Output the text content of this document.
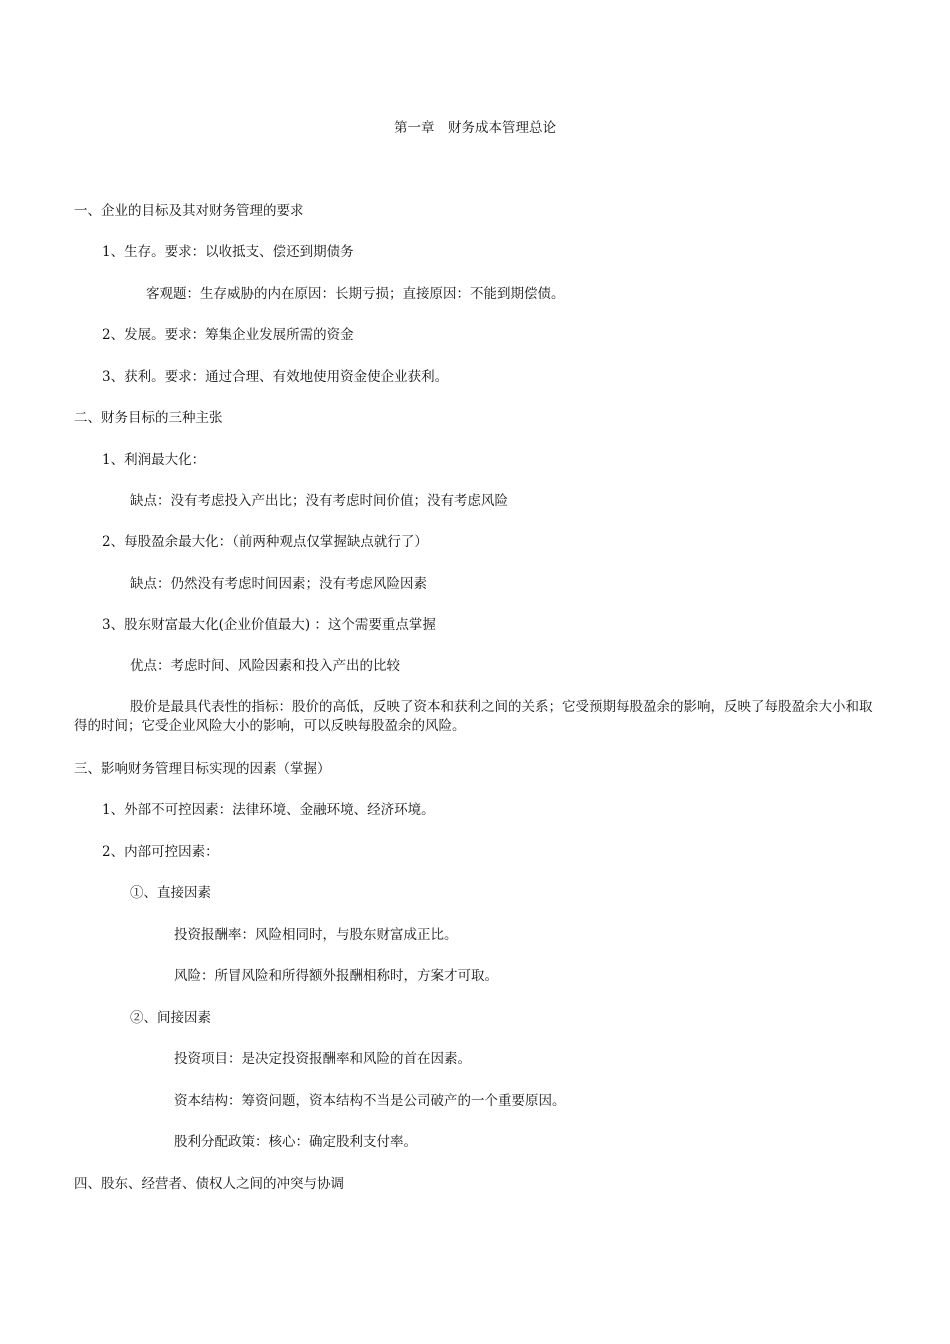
第一章　财务成本管理总论
一、企业的目标及其对财务管理的要求
1、生存。要求：以收抵支、偿还到期债务
客观题：生存威胁的内在原因：长期亏损；直接原因：不能到期偿债。
2、发展。要求：筹集企业发展所需的资金
3、获利。要求：通过合理、有效地使用资金使企业获利。
二、财务目标的三种主张
1、利润最大化：
缺点：没有考虑投入产出比；没有考虑时间价值；没有考虑风险
2、每股盈余最大化：（前两种观点仅掌握缺点就行了）
缺点：仍然没有考虑时间因素；没有考虑风险因素
3、股东财富最大化(企业价值最大) ：这个需要重点掌握
优点：考虑时间、风险因素和投入产出的比较
股价是最具代表性的指标：股价的高低，反映了资本和获利之间的关系；它受预期每股盈余的影响，反映了每股盈余大小和取得的时间；它受企业风险大小的影响，可以反映每股盈余的风险。
三、影响财务管理目标实现的因素（掌握）
1、外部不可控因素：法律环境、金融环境、经济环境。
2、内部可控因素：
①、直接因素
投资报酬率：风险相同时，与股东财富成正比。
风险：所冒风险和所得额外报酬相称时，方案才可取。
②、间接因素
投资项目：是决定投资报酬率和风险的首在因素。
资本结构：筹资问题，资本结构不当是公司破产的一个重要原因。
股利分配政策：核心：确定股利支付率。
四、股东、经营者、债权人之间的冲突与协调
